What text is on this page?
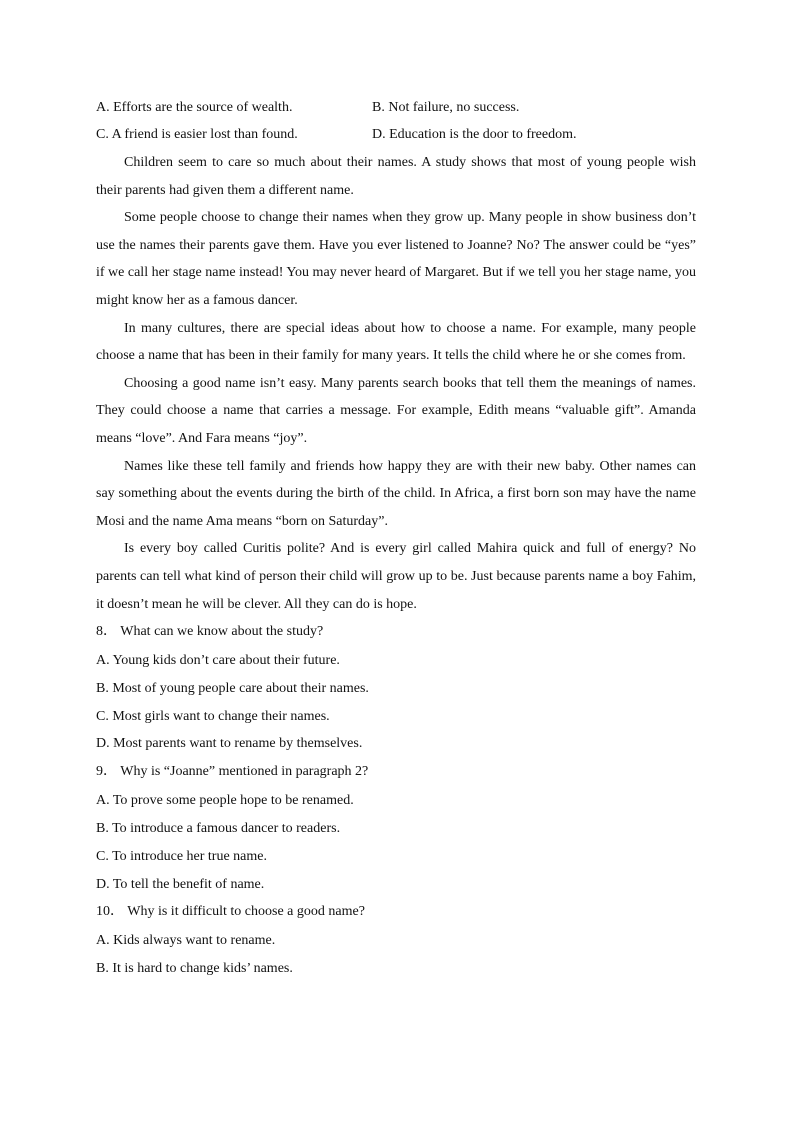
A. Efforts are the source of wealth.	B. Not failure, no success.
C. A friend is easier lost than found.	D. Education is the door to freedom.

Children seem to care so much about their names. A study shows that most of young people wish their parents had given them a different name.

Some people choose to change their names when they grow up. Many people in show business don’t use the names their parents gave them. Have you ever listened to Joanne? No? The answer could be “yes” if we call her stage name instead! You may never heard of Margaret. But if we tell you her stage name, you might know her as a famous dancer.

In many cultures, there are special ideas about how to choose a name. For example, many people choose a name that has been in their family for many years. It tells the child where he or she comes from.

Choosing a good name isn’t easy. Many parents search books that tell them the meanings of names. They could choose a name that carries a message. For example, Edith means “valuable gift”. Amanda means “love”. And Fara means “joy”.

Names like these tell family and friends how happy they are with their new baby. Other names can say something about the events during the birth of the child. In Africa, a first born son may have the name Mosi and the name Ama means “born on Saturday”.

Is every boy called Curitis polite? And is every girl called Mahira quick and full of energy? No parents can tell what kind of person their child will grow up to be. Just because parents name a boy Fahim, it doesn’t mean he will be clever. All they can do is hope.

8． What can we know about the study?

A. Young kids don’t care about their future.

B. Most of young people care about their names.

C. Most girls want to change their names.

D. Most parents want to rename by themselves.

9． Why is “Joanne” mentioned in paragraph 2?

A. To prove some people hope to be renamed.

B. To introduce a famous dancer to readers.

C. To introduce her true name.

D. To tell the benefit of name.

10． Why is it difficult to choose a good name?

A. Kids always want to rename.

B. It is hard to change kids’ names.
